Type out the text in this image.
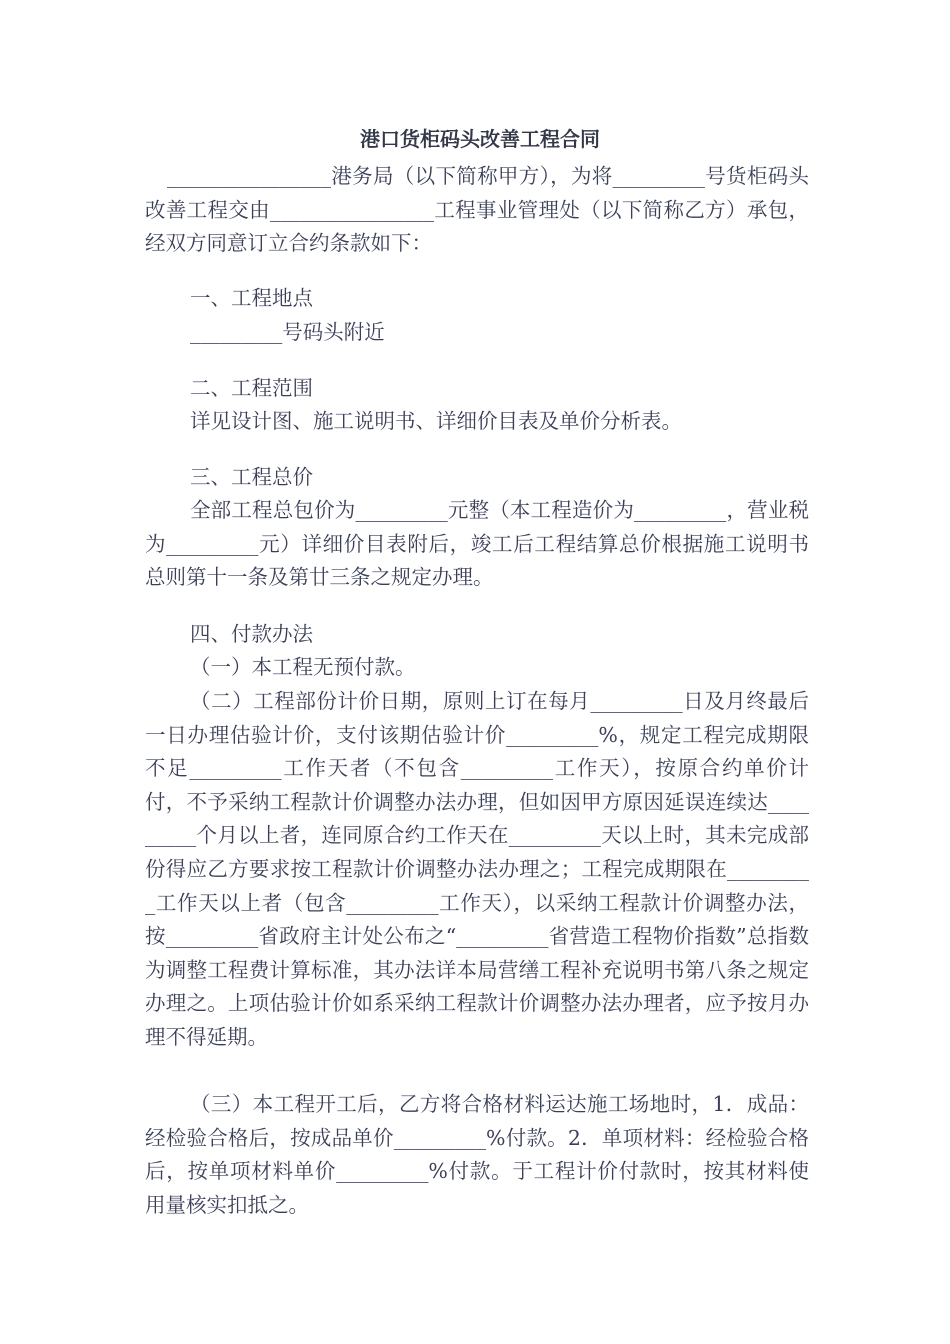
港口货柜码头改善工程合同

________________港务局（以下简称甲方），为将_________号货柜码头改善工程交由________________工程事业管理处（以下简称乙方）承包，经双方同意订立合约条款如下：

一、工程地点

_________号码头附近

二、工程范围

详见设计图、施工说明书、详细价目表及单价分析表。

三、工程总价

全部工程总包价为_________元整（本工程造价为_________，营业税为_________元）详细价目表附后，竣工后工程结算总价根据施工说明书总则第十一条及第廿三条之规定办理。

四、付款办法

（一）本工程无预付款。

（二）工程部份计价日期，原则上订在每月_________日及月终最后一日办理估验计价，支付该期估验计价_________%，规定工程完成期限不足_________工作天者（不包含_________工作天），按原合约单价计付，不予采纳工程款计价调整办法办理，但如因甲方原因延误连续达_________个月以上者，连同原合约工作天在_________天以上时，其未完成部份得应乙方要求按工程款计价调整办法办理之；工程完成期限在_________工作天以上者（包含_________工作天），以采纳工程款计价调整办法，按_________省政府主计处公布之“_________省营造工程物价指数”总指数为调整工程费计算标准，其办法详本局营缮工程补充说明书第八条之规定办理之。上项估验计价如系采纳工程款计价调整办法办理者，应予按月办理不得延期。

（三）本工程开工后，乙方将合格材料运达施工场地时，1．成品：经检验合格后，按成品单价_________%付款。2．单项材料：经检验合格后，按单项材料单价_________%付款。于工程计价付款时，按其材料使用量核实扣抵之。
